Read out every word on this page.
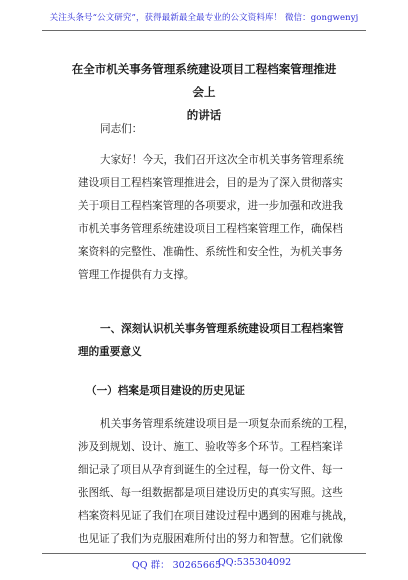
关注头条号“公文研究”，获得最新最全最专业的公文资料库！ 微信：gongwenyj
在全市机关事务管理系统建设项目工程档案管理推进会上
的讲话
同志们：
大家好！今天，我们召开这次全市机关事务管理系统
建设项目工程档案管理推进会，目的是为了深入贯彻落实
关于项目工程档案管理的各项要求，进一步加强和改进我
市机关事务管理系统建设项目工程档案管理工作，确保档
案资料的完整性、准确性、系统性和安全性，为机关事务
管理工作提供有力支撑。
一、深刻认识机关事务管理系统建设项目工程档案管
理的重要意义
（一）档案是项目建设的历史见证
机关事务管理系统建设项目是一项复杂而系统的工程，
涉及到规划、设计、施工、验收等多个环节。工程档案详
细记录了项目从孕育到诞生的全过程，每一份文件、每一
张图纸、每一组数据都是项目建设历史的真实写照。这些
档案资料见证了我们在项目建设过程中遇到的困难与挑战，
也见证了我们为克服困难所付出的努力和智慧。它们就像
QQ 群： 30265665
QQ:535304092
